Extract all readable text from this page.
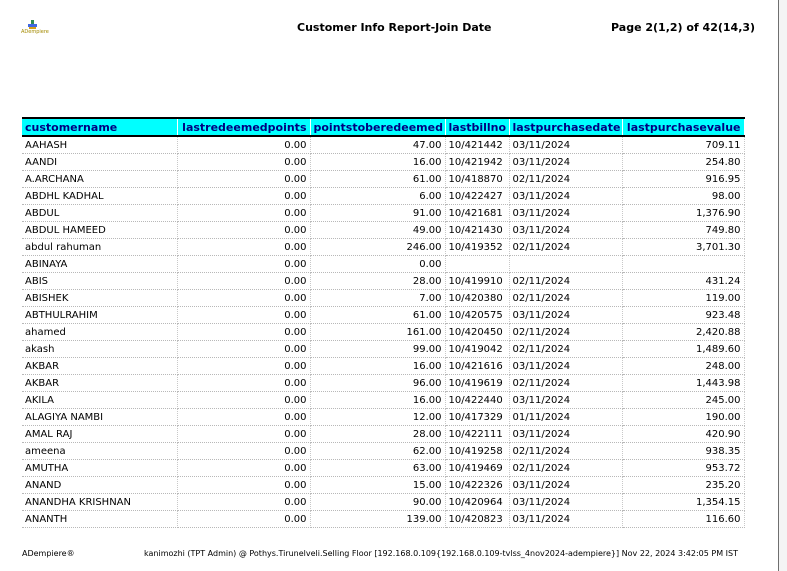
ADempiere	Customer Info Report-Join Date	Page 2(1,2) of 42(14,3)
customername	lastredeemedpoints	pointstoberedeemed	lastbillno	lastpurchasedate	lastpurchasevalue
AAHASH	0.00	47.00	10/421442	03/11/2024	709.11
AANDI	0.00	16.00	10/421942	03/11/2024	254.80
A.ARCHANA	0.00	61.00	10/418870	02/11/2024	916.95
ABDHL KADHAL	0.00	6.00	10/422427	03/11/2024	98.00
ABDUL	0.00	91.00	10/421681	03/11/2024	1,376.90
ABDUL HAMEED	0.00	49.00	10/421430	03/11/2024	749.80
abdul rahuman	0.00	246.00	10/419352	02/11/2024	3,701.30
ABINAYA	0.00	0.00			
ABIS	0.00	28.00	10/419910	02/11/2024	431.24
ABISHEK	0.00	7.00	10/420380	02/11/2024	119.00
ABTHULRAHIM	0.00	61.00	10/420575	03/11/2024	923.48
ahamed	0.00	161.00	10/420450	02/11/2024	2,420.88
akash	0.00	99.00	10/419042	02/11/2024	1,489.60
AKBAR	0.00	16.00	10/421616	03/11/2024	248.00
AKBAR	0.00	96.00	10/419619	02/11/2024	1,443.98
AKILA	0.00	16.00	10/422440	03/11/2024	245.00
ALAGIYA NAMBI	0.00	12.00	10/417329	01/11/2024	190.00
AMAL RAJ	0.00	28.00	10/422111	03/11/2024	420.90
ameena	0.00	62.00	10/419258	02/11/2024	938.35
AMUTHA	0.00	63.00	10/419469	02/11/2024	953.72
ANAND	0.00	15.00	10/422326	03/11/2024	235.20
ANANDHA KRISHNAN	0.00	90.00	10/420964	03/11/2024	1,354.15
ANANTH	0.00	139.00	10/420823	03/11/2024	116.60
ADempiere®	kanimozhi (TPT Admin) @ Pothys.Tirunelveli.Selling Floor [192.168.0.109{192.168.0.109-tvlss_4nov2024-adempiere}] Nov 22, 2024 3:42:05 PM IST
